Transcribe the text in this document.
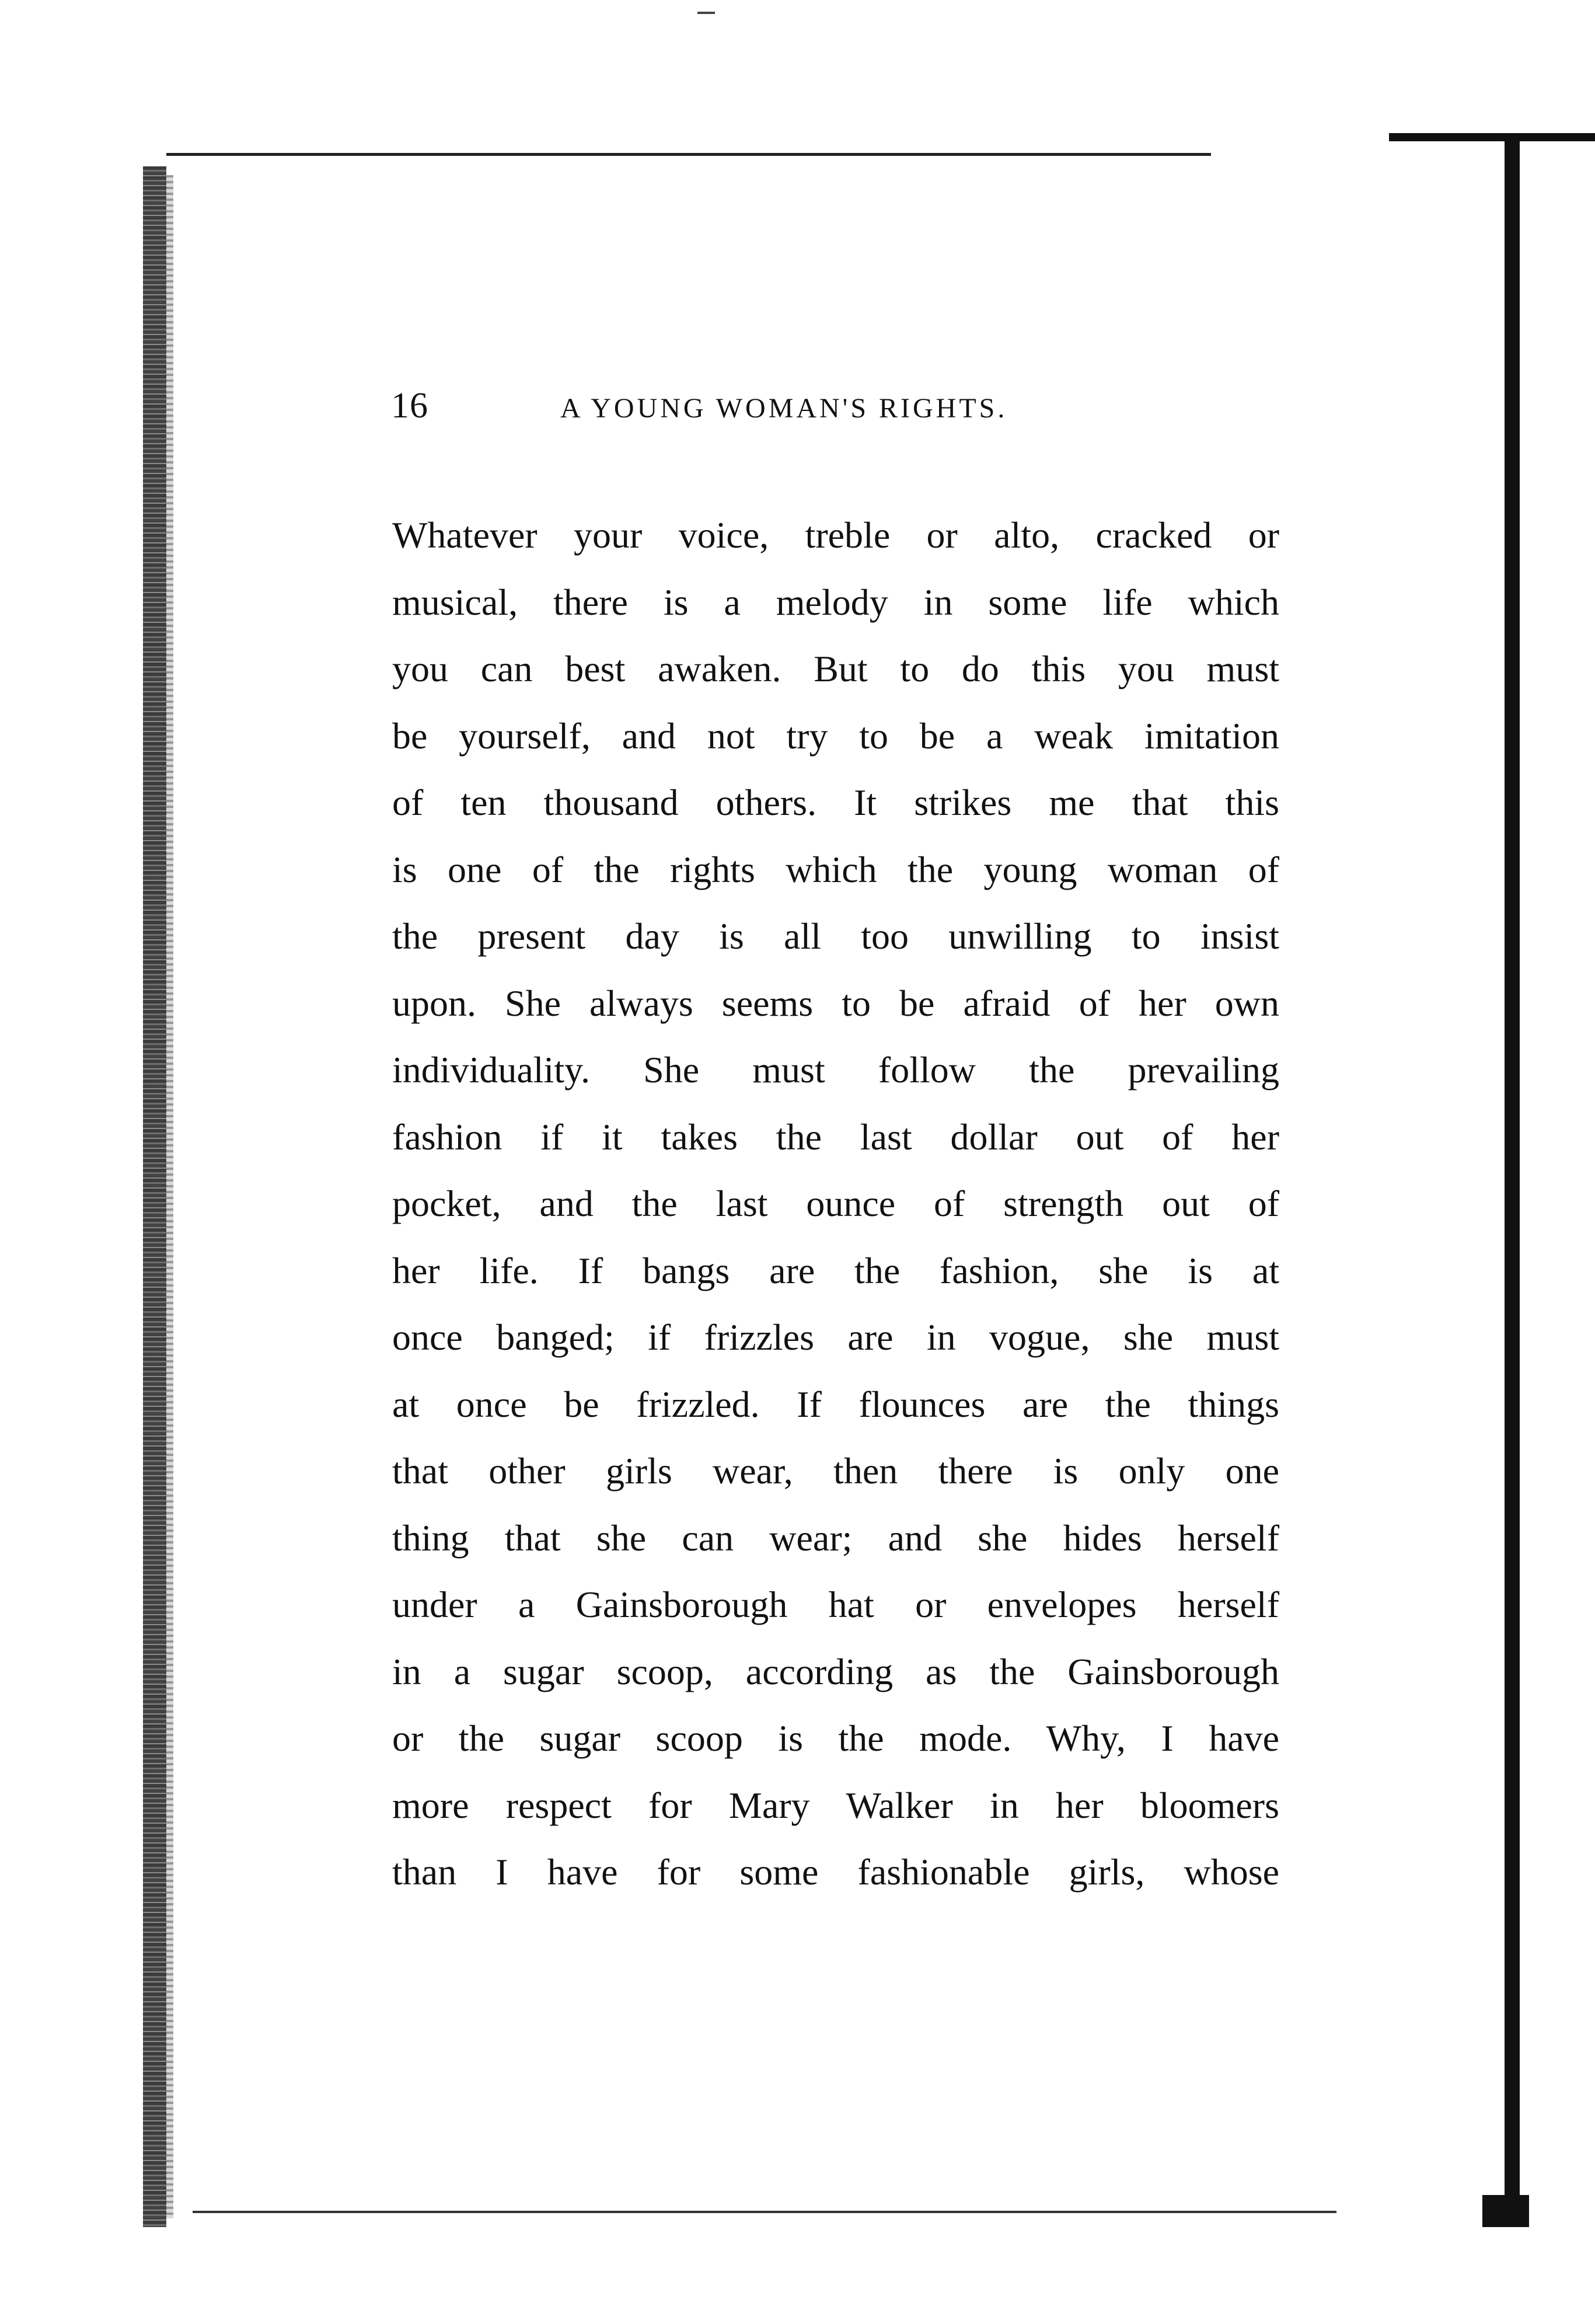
16	A YOUNG WOMAN'S RIGHTS.
Whatever your voice, treble or alto, cracked or
musical, there is a melody in some life which
you can best awaken. But to do this you must
be yourself, and not try to be a weak imitation
of ten thousand others. It strikes me that this
is one of the rights which the young woman of
the present day is all too unwilling to insist
upon. She always seems to be afraid of her own
individuality. She must follow the prevailing
fashion if it takes the last dollar out of her
pocket, and the last ounce of strength out of
her life. If bangs are the fashion, she is at
once banged; if frizzles are in vogue, she must
at once be frizzled. If flounces are the things
that other girls wear, then there is only one
thing that she can wear; and she hides herself
under a Gainsborough hat or envelopes herself
in a sugar scoop, according as the Gainsborough
or the sugar scoop is the mode. Why, I have
more respect for Mary Walker in her bloomers
than I have for some fashionable girls, whose
